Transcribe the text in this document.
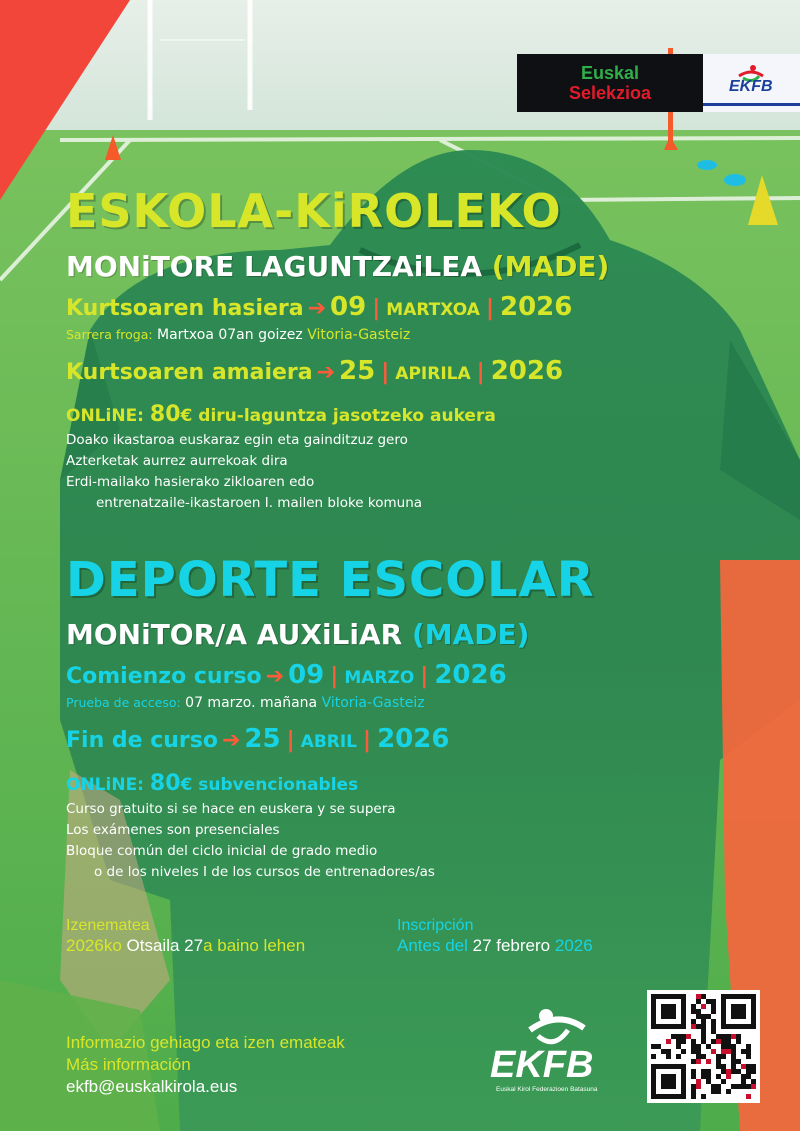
Euskal
Selekzioa	EKFB
ESKOLA-KiROLEKO
MONiTORE LAGUNTZAiLEA (MADE)
Kurtsoaren hasiera ➔ 09 | MARTXOA | 2026
Sarrera froga: Martxoa 07an goizez Vitoria-Gasteiz
Kurtsoaren amaiera ➔ 25 | APIRILA | 2026
ONLiNE: 80€ diru-laguntza jasotzeko aukera
Doako ikastaroa euskaraz egin eta gainditzuz gero
Azterketak aurrez aurrekoak dira
Erdi-mailako hasierako zikloaren edo
entrenatzaile-ikastaroen I. mailen bloke komuna
DEPORTE ESCOLAR
MONiTOR/A AUXiLiAR (MADE)
Comienzo curso ➔ 09 | MARZO | 2026
Prueba de acceso: 07 marzo. mañana Vitoria-Gasteiz
Fin de curso ➔ 25 | ABRIL | 2026
ONLiNE: 80€ subvencionables
Curso gratuito si se hace en euskera y se supera
Los exámenes son presenciales
Bloque común del ciclo inicial de grado medio
o de los niveles I de los cursos de entrenadores/as
Izenematea
2026ko Otsaila 27a baino lehen
Inscripción
Antes del 27 febrero 2026
Informazio gehiago eta izen emateak
Más información
ekfb@euskalkirola.eus
EKFB
Euskal Kirol Federazioen Batasuna
